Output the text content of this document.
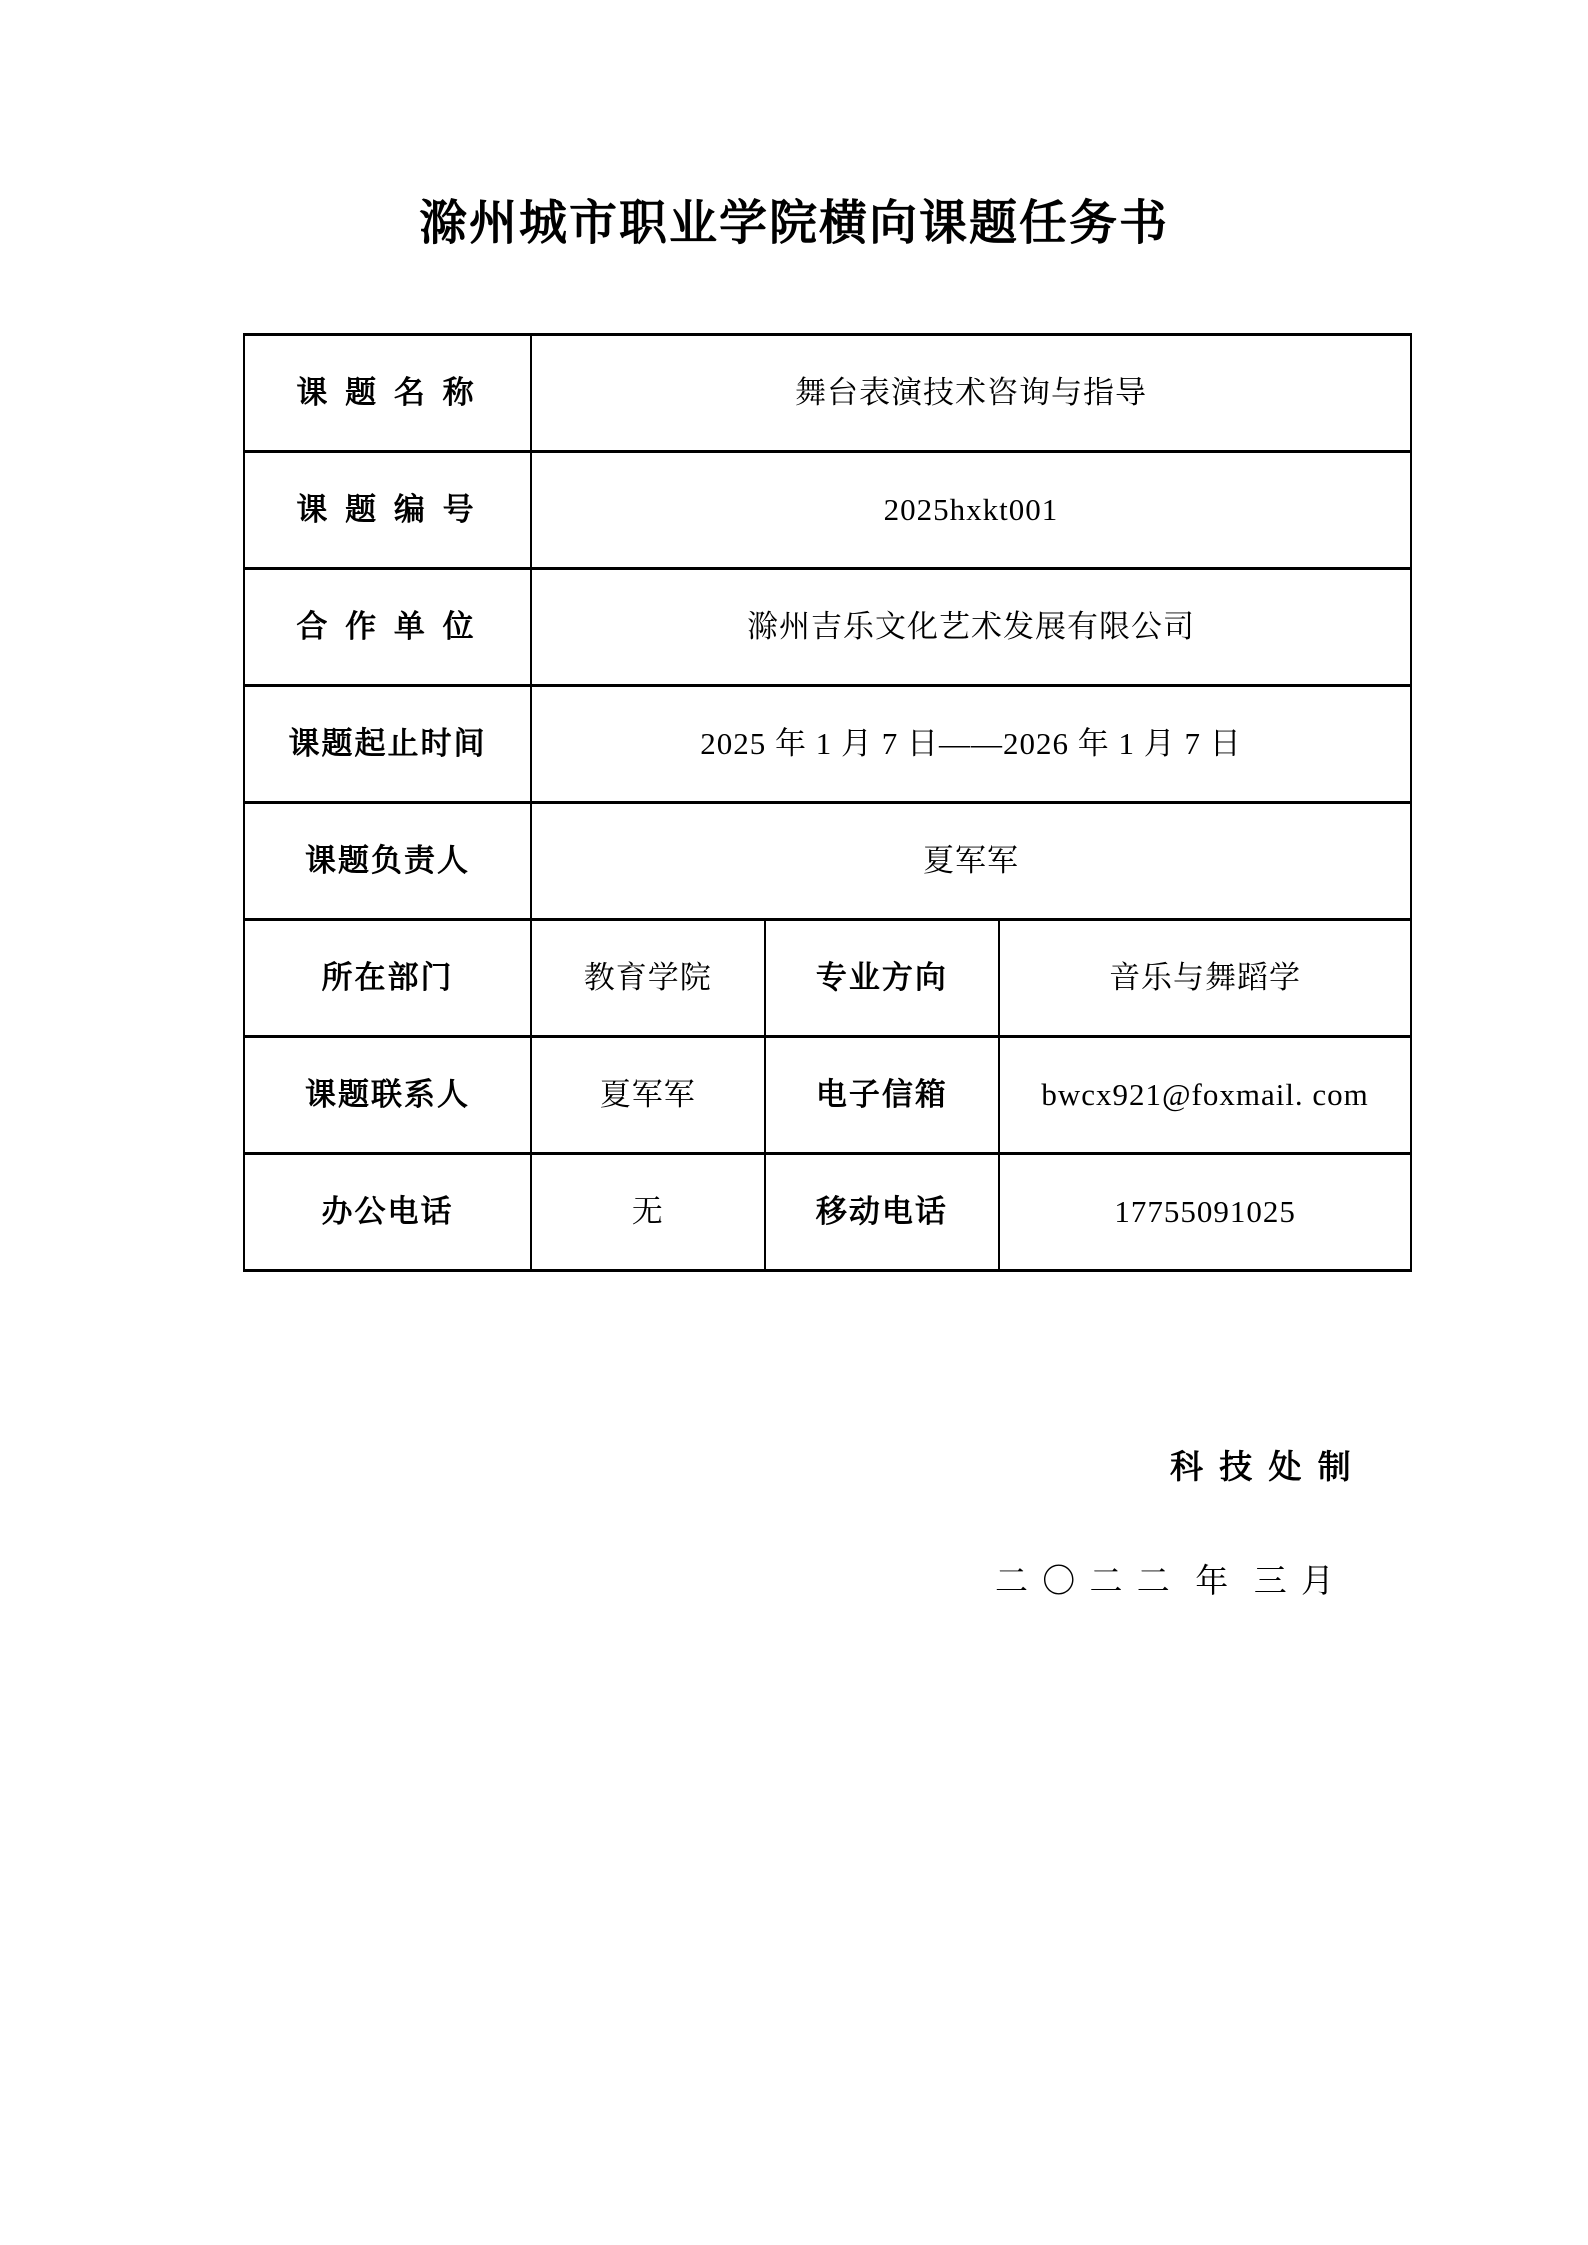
滁州城市职业学院横向课题任务书
课 题 名 称	舞台表演技术咨询与指导		
课 题 编 号	2025hxkt001		
合 作 单 位	滁州吉乐文化艺术发展有限公司		
课题起止时间	2025 年 1 月 7 日——2026 年 1 月 7 日		
课题负责人	夏军军		
所在部门	教育学院	专业方向	音乐与舞蹈学
课题联系人	夏军军	电子信箱	bwcx921@foxmail. com
办公电话	无	移动电话	17755091025
科 技 处 制
二 〇 二 二  年  三 月
